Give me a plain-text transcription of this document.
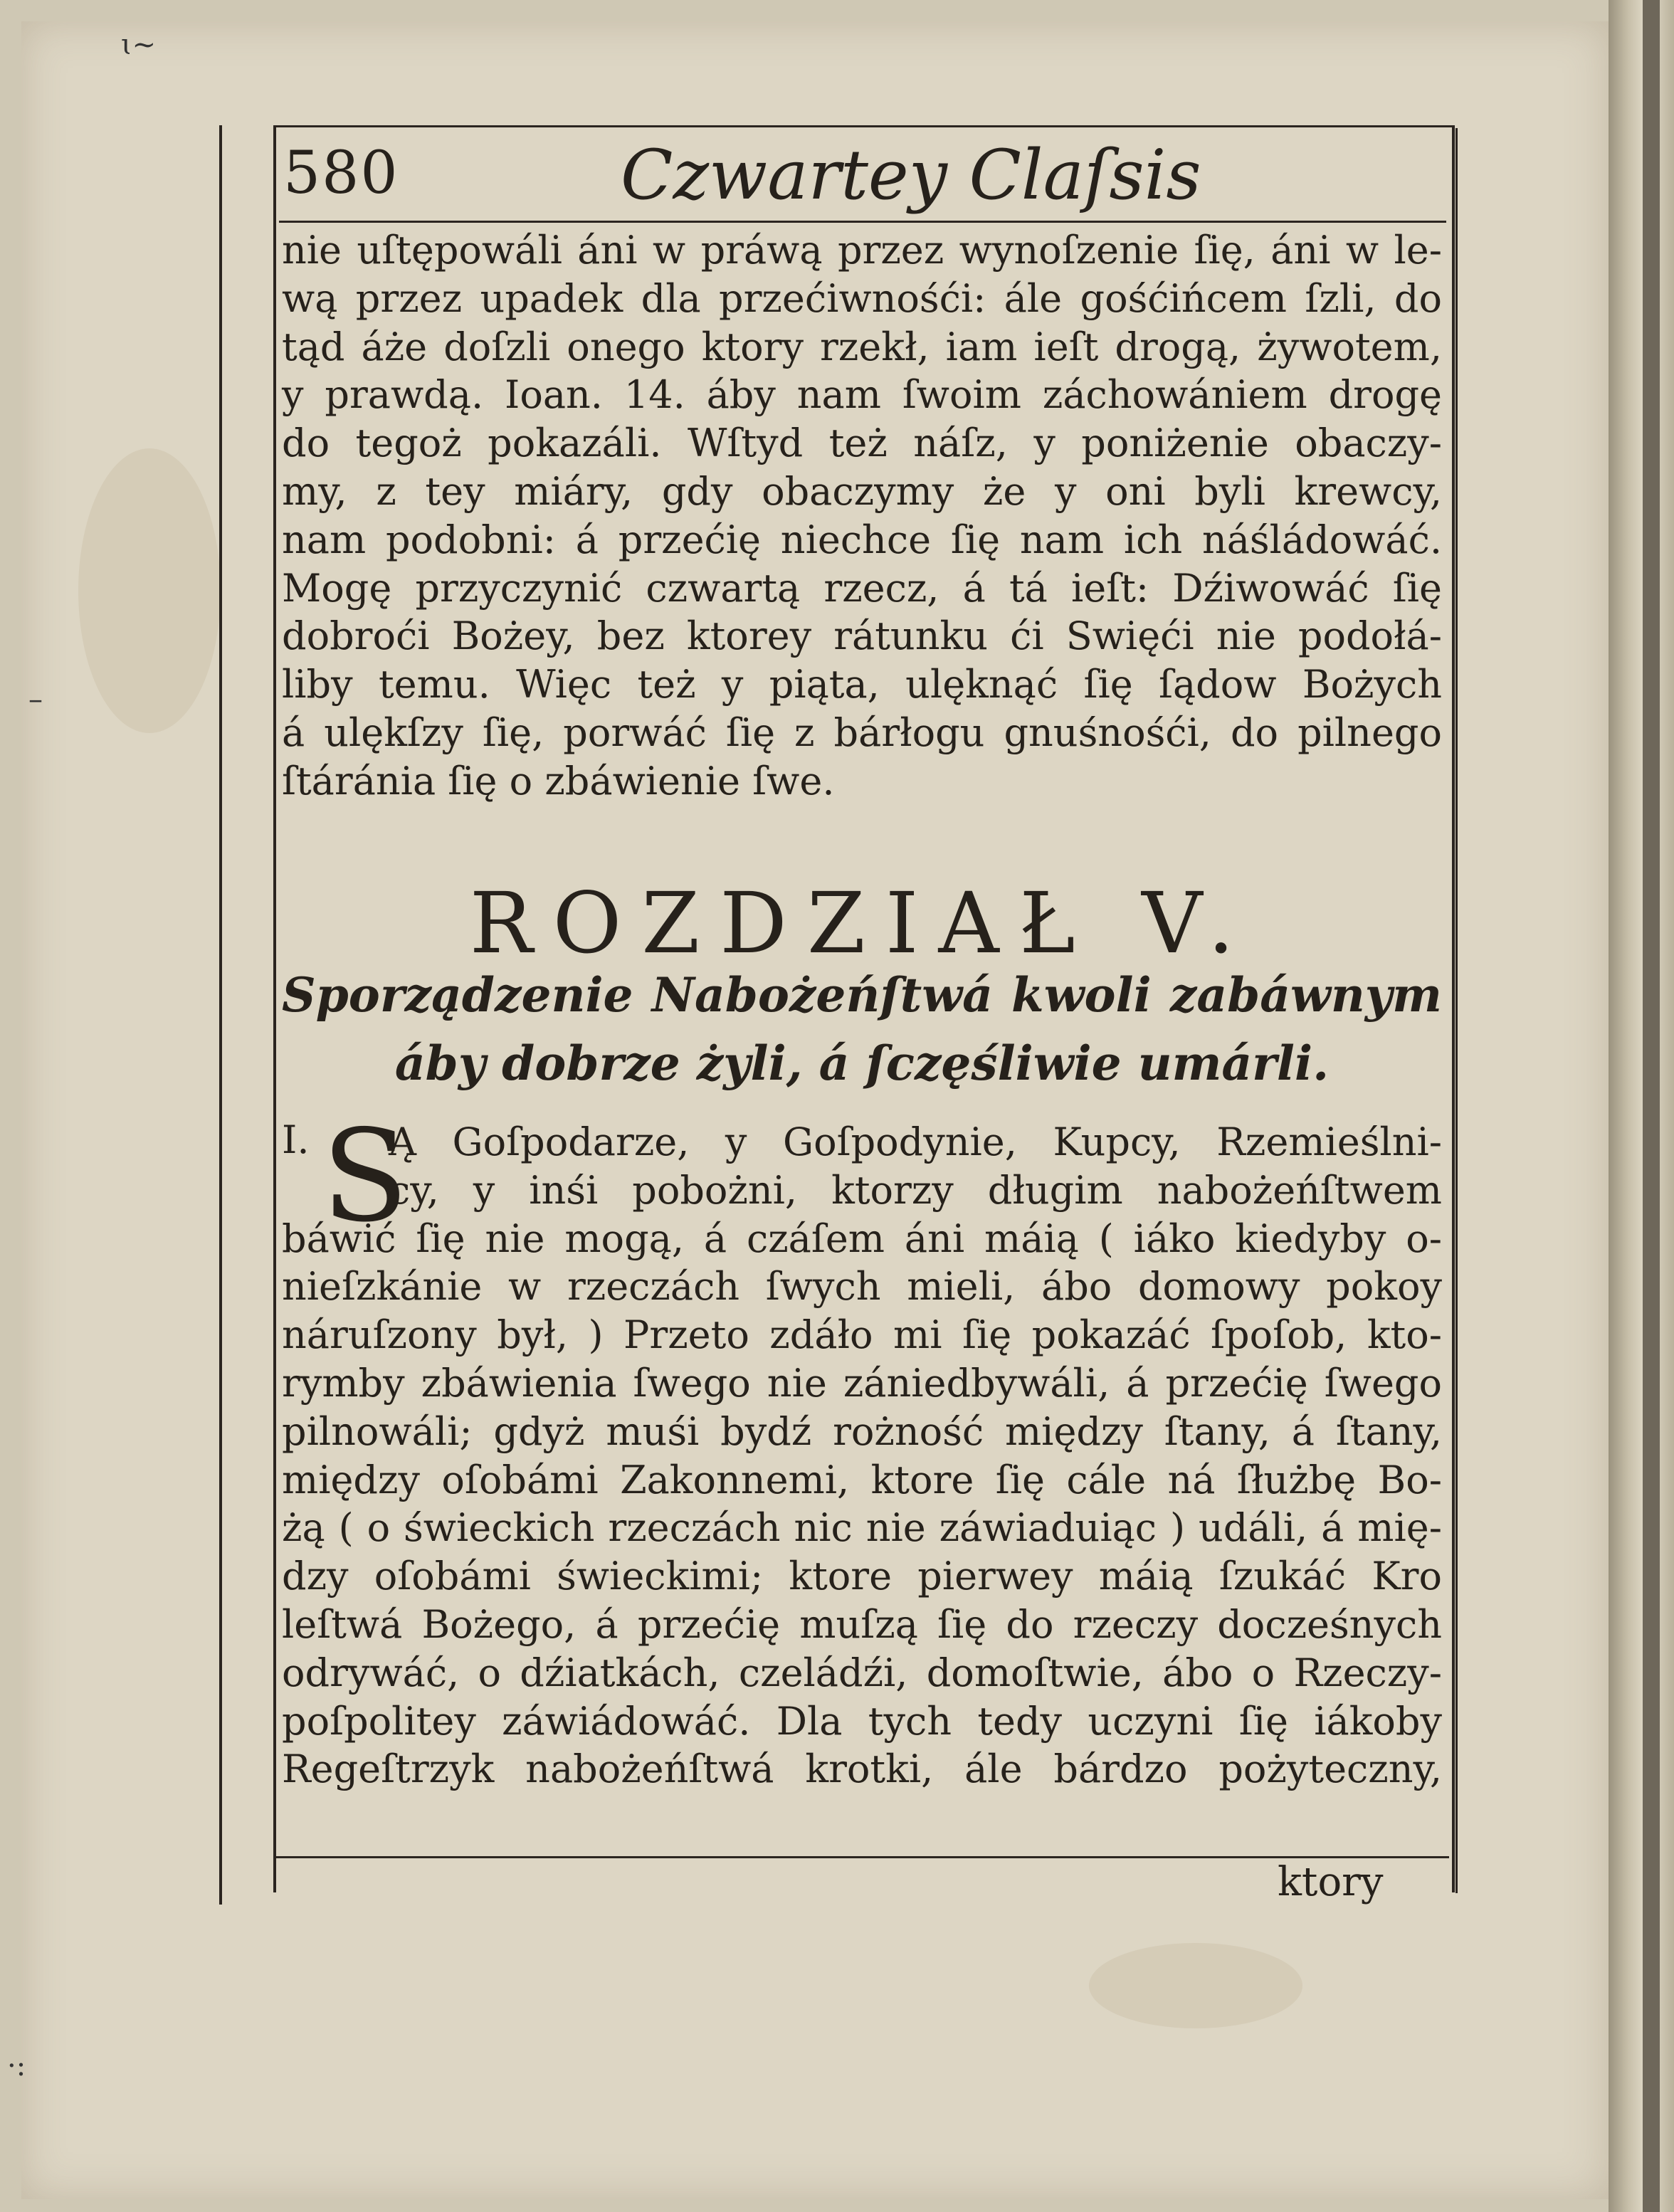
ɩ~
–
·:
580	Czwartey Claſsis
nie uſtępowáli áni w práwą przez wynoſzenie ſię, áni w le-
wą przez upadek dla przećiwnośći: ále gośćińcem ſzli, do
tąd áże doſzli onego ktory rzekł, iam ieſt drogą, żywotem,
y prawdą. Ioan. 14. áby nam ſwoim záchowániem drogę
do tegoż pokazáli. Wſtyd też náſz, y poniżenie obaczy-
my, z tey miáry, gdy obaczymy że y oni byli krewcy,
nam podobni: á przećię niechce ſię nam ich náśládowáć.
Mogę przyczynić czwartą rzecz, á tá ieſt: Dźiwowáć ſię
dobroći Bożey, bez ktorey rátunku ći Swięći nie podołá-
liby temu. Więc też y piąta, ulęknąć ſię ſądow Bożych
á ulękſzy ſię, porwáć ſię z bárłogu gnuśnośći, do pilnego
ſtáránia ſię o zbáwienie ſwe.
ROZDZIAŁ V.
Sporządzenie Nabożeńſtwá kwoli zabáwnym
áby dobrze żyli, á ſczęśliwie umárli.
I. S
Ą Goſpodarze, y Goſpodynie, Kupcy, Rzemieślni-
cy, y inśi pobożni, ktorzy długim nabożeńſtwem
báwić ſię nie mogą, á czáſem áni máią ( iáko kiedyby o-
nieſzkánie w rzeczách ſwych mieli, ábo domowy pokoy
náruſzony był, ) Przeto zdáło mi ſię pokazáć ſpoſob, kto-
rymby zbáwienia ſwego nie zániedbywáli, á przećię ſwego
pilnowáli; gdyż muśi bydź rożność między ſtany, á ſtany,
między oſobámi Zakonnemi, ktore ſię cále ná ſłużbę Bo-
żą ( o świeckich rzeczách nic nie záwiaduiąc ) událi, á mię-
dzy oſobámi świeckimi; ktore pierwey máią ſzukáć Kro
leſtwá Bożego, á przećię muſzą ſię do rzeczy docześnych
odrywáć, o dźiatkách, czeládźi, domoſtwie, ábo o Rzeczy-
poſpolitey záwiádowáć. Dla tych tedy uczyni ſię iákoby
Regeſtrzyk nabożeńſtwá krotki, ále bárdzo pożyteczny,
ktory
